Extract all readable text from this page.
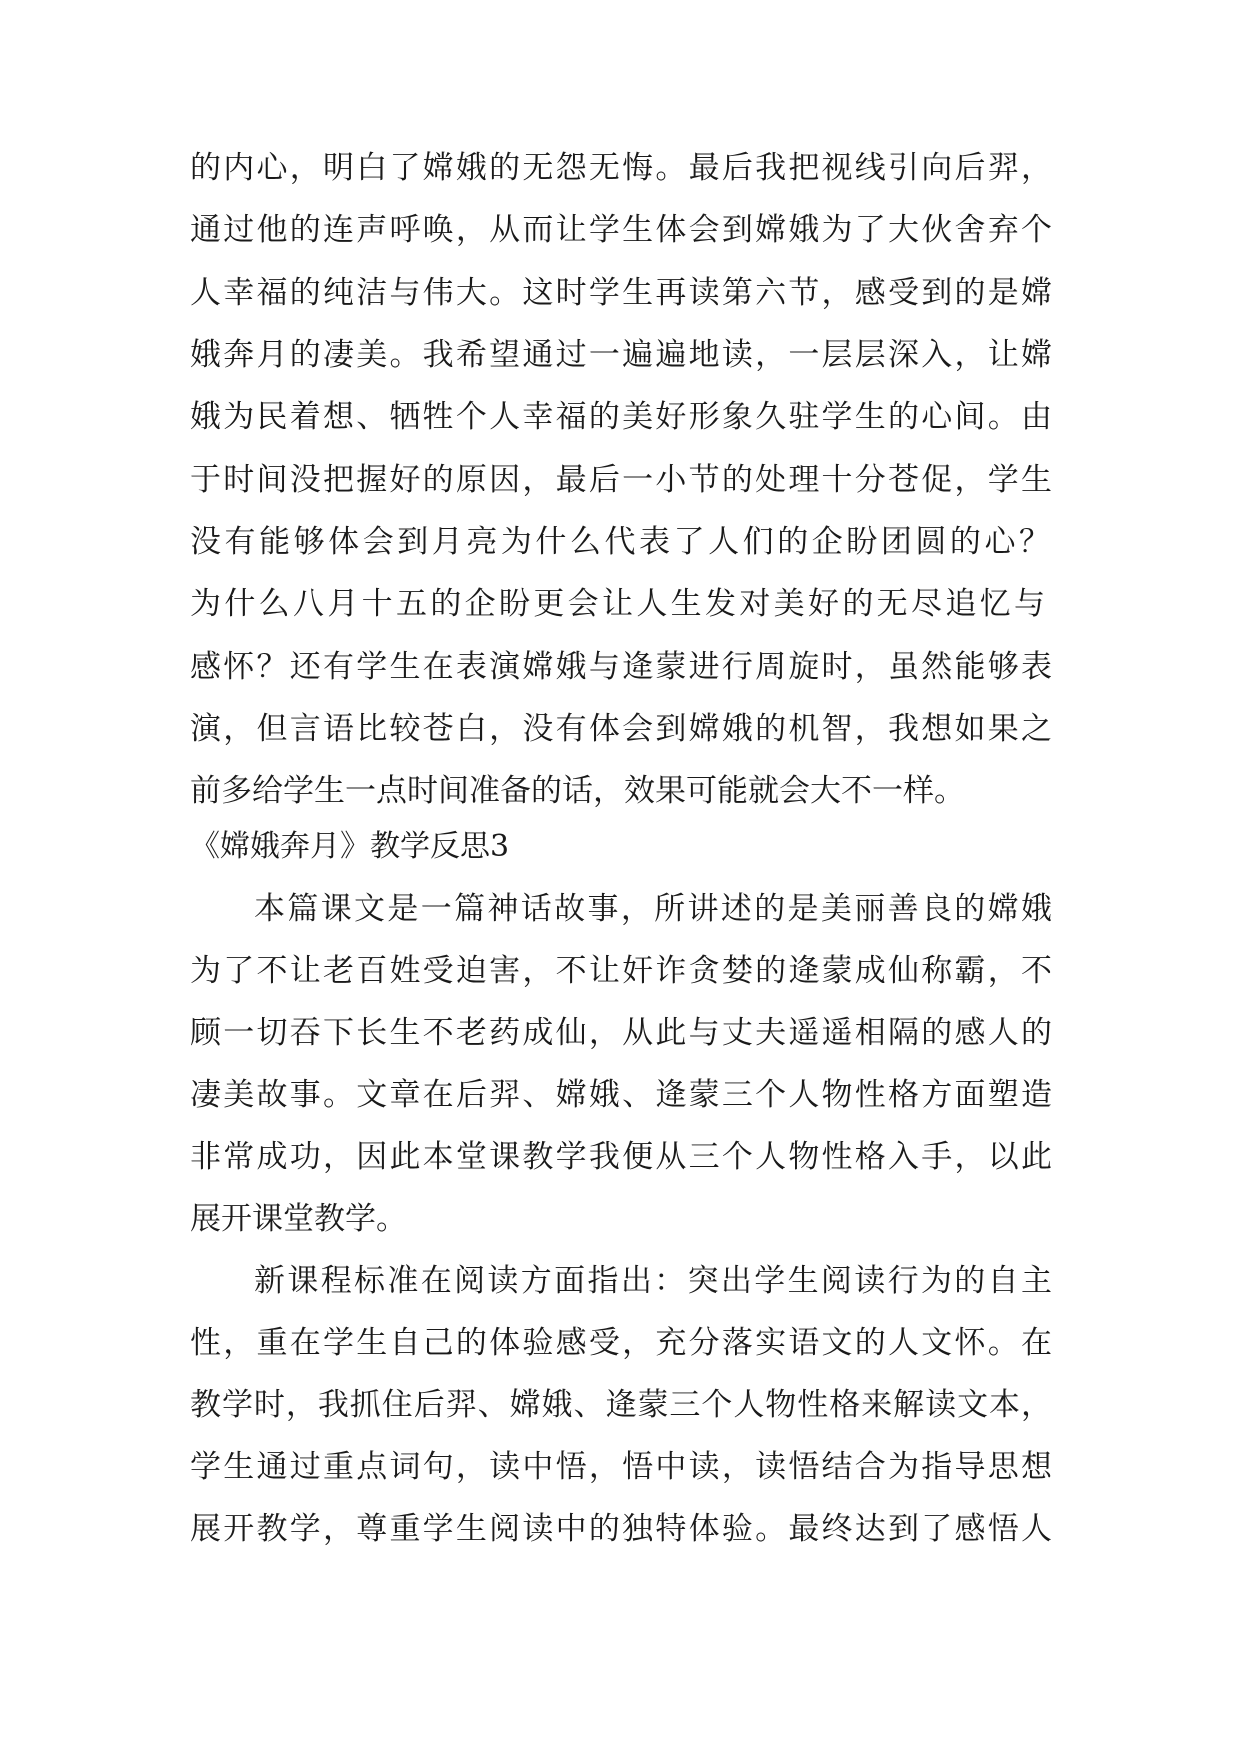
的内心，明白了嫦娥的无怨无悔。最后我把视线引向后羿，
通过他的连声呼唤，从而让学生体会到嫦娥为了大伙舍弃个
人幸福的纯洁与伟大。这时学生再读第六节，感受到的是嫦
娥奔月的凄美。我希望通过一遍遍地读，一层层深入，让嫦
娥为民着想、牺牲个人幸福的美好形象久驻学生的心间。由
于时间没把握好的原因，最后一小节的处理十分苍促，学生
没有能够体会到月亮为什么代表了人们的企盼团圆的心？
为什么八月十五的企盼更会让人生发对美好的无尽追忆与
感怀？还有学生在表演嫦娥与逄蒙进行周旋时，虽然能够表
演，但言语比较苍白，没有体会到嫦娥的机智，我想如果之
前多给学生一点时间准备的话，效果可能就会大不一样。
《嫦娥奔月》教学反思3
本篇课文是一篇神话故事，所讲述的是美丽善良的嫦娥
为了不让老百姓受迫害，不让奸诈贪婪的逄蒙成仙称霸，不
顾一切吞下长生不老药成仙，从此与丈夫遥遥相隔的感人的
凄美故事。文章在后羿、嫦娥、逄蒙三个人物性格方面塑造
非常成功，因此本堂课教学我便从三个人物性格入手，以此
展开课堂教学。
新课程标准在阅读方面指出：突出学生阅读行为的自主
性，重在学生自己的体验感受，充分落实语文的人文怀。在
教学时，我抓住后羿、嫦娥、逄蒙三个人物性格来解读文本，
学生通过重点词句，读中悟，悟中读，读悟结合为指导思想
展开教学，尊重学生阅读中的独特体验。最终达到了感悟人
